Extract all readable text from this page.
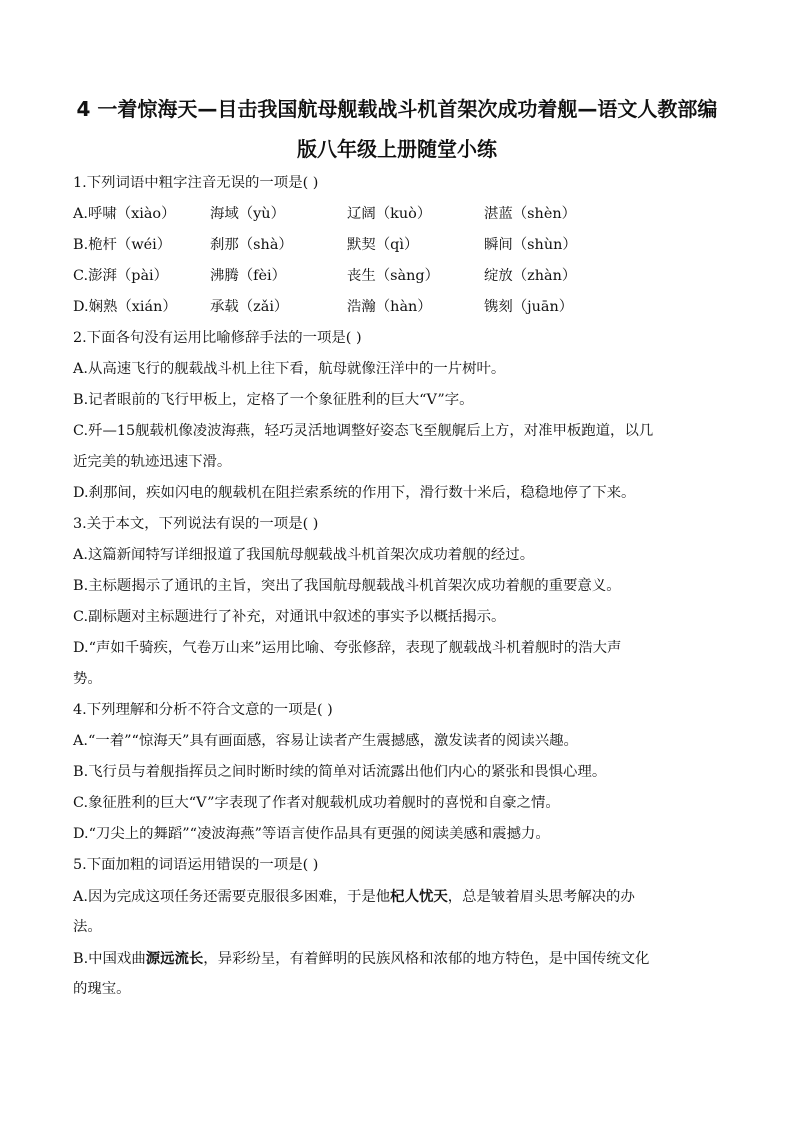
4 一着惊海天—目击我国航母舰载战斗机首架次成功着舰—语文人教部编
版八年级上册随堂小练
1.下列词语中粗字注音无误的一项是( )
A.呼啸（xiào）	海域（yù）	辽阔（kuò）	湛蓝（shèn）
B.桅杆（wéi）	刹那（shà）	默契（qì）	瞬间（shùn）
C.澎湃（pài）	沸腾（fèi）	丧生（sàng）	绽放（zhàn）
D.娴熟（xián）	承载（zǎi）	浩瀚（hàn）	镌刻（juān）
2.下面各句没有运用比喻修辞手法的一项是( )
A.从高速飞行的舰载战斗机上往下看，航母就像汪洋中的一片树叶。
B.记者眼前的飞行甲板上，定格了一个象征胜利的巨大“V”字。
C.歼—15舰载机像凌波海燕，轻巧灵活地调整好姿态飞至舰艉后上方，对准甲板跑道，以几
近完美的轨迹迅速下滑。
D.刹那间，疾如闪电的舰载机在阻拦索系统的作用下，滑行数十米后，稳稳地停了下来。
3.关于本文，下列说法有误的一项是( )
A.这篇新闻特写详细报道了我国航母舰载战斗机首架次成功着舰的经过。
B.主标题揭示了通讯的主旨，突出了我国航母舰载战斗机首架次成功着舰的重要意义。
C.副标题对主标题进行了补充，对通讯中叙述的事实予以概括揭示。
D.“声如千骑疾，气卷万山来”运用比喻、夸张修辞，表现了舰载战斗机着舰时的浩大声
势。
4.下列理解和分析不符合文意的一项是( )
A.“一着”“惊海天”具有画面感，容易让读者产生震撼感，激发读者的阅读兴趣。
B.飞行员与着舰指挥员之间时断时续的简单对话流露出他们内心的紧张和畏惧心理。
C.象征胜利的巨大“V”字表现了作者对舰载机成功着舰时的喜悦和自豪之情。
D.“刀尖上的舞蹈”“凌波海燕”等语言使作品具有更强的阅读美感和震撼力。
5.下面加粗的词语运用错误的一项是( )
A.因为完成这项任务还需要克服很多困难，于是他杞人忧天，总是皱着眉头思考解决的办
法。
B.中国戏曲源远流长，异彩纷呈，有着鲜明的民族风格和浓郁的地方特色，是中国传统文化
的瑰宝。
